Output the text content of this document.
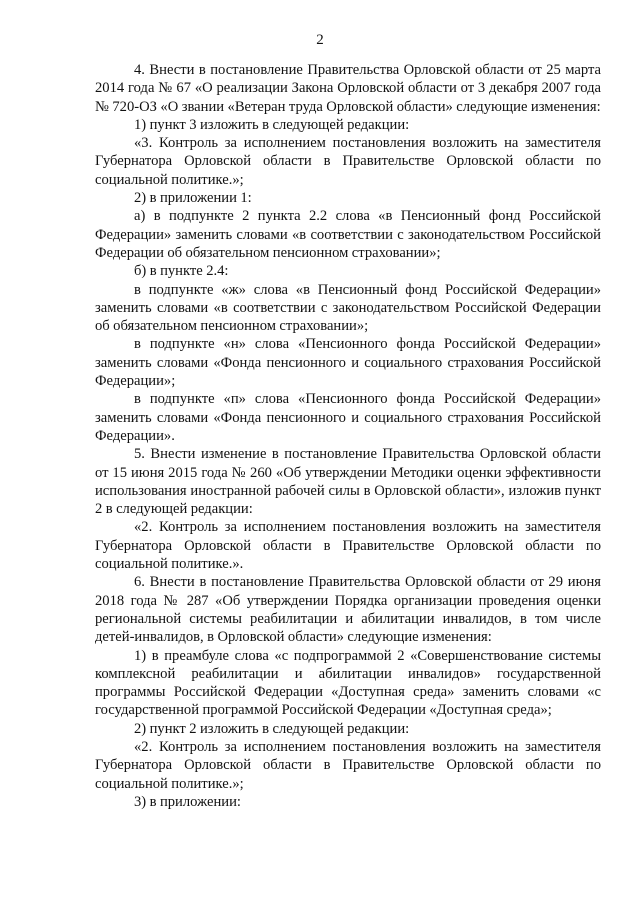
2

4. Внести в постановление Правительства Орловской области от 25 марта 2014 года № 67 «О реализации Закона Орловской области от 3 декабря 2007 года № 720-ОЗ «О звании «Ветеран труда Орловской области» следующие изменения:

1) пункт 3 изложить в следующей редакции:

«3. Контроль за исполнением постановления возложить на заместителя Губернатора Орловской области в Правительстве Орловской области по социальной политике.»;

2) в приложении 1:

а) в подпункте 2 пункта 2.2 слова «в Пенсионный фонд Российской Федерации» заменить словами «в соответствии с законодательством Российской Федерации об обязательном пенсионном страховании»;

б) в пункте 2.4:

в подпункте «ж» слова «в Пенсионный фонд Российской Федерации» заменить словами «в соответствии с законодательством Российской Федерации об обязательном пенсионном страховании»;

в подпункте «н» слова «Пенсионного фонда Российской Федерации» заменить словами «Фонда пенсионного и социального страхования Российской Федерации»;

в подпункте «п» слова «Пенсионного фонда Российской Федерации» заменить словами «Фонда пенсионного и социального страхования Российской Федерации».

5. Внести изменение в постановление Правительства Орловской области от 15 июня 2015 года № 260 «Об утверждении Методики оценки эффективности использования иностранной рабочей силы в Орловской области», изложив пункт 2 в следующей редакции:

«2. Контроль за исполнением постановления возложить на заместителя Губернатора Орловской области в Правительстве Орловской области по социальной политике.».

6. Внести в постановление Правительства Орловской области от 29 июня 2018 года № 287 «Об утверждении Порядка организации проведения оценки региональной системы реабилитации и абилитации инвалидов, в том числе детей-инвалидов, в Орловской области» следующие изменения:

1) в преамбуле слова «с подпрограммой 2 «Совершенствование системы комплексной реабилитации и абилитации инвалидов» государственной программы Российской Федерации «Доступная среда» заменить словами «с государственной программой Российской Федерации «Доступная среда»;

2) пункт 2 изложить в следующей редакции:

«2. Контроль за исполнением постановления возложить на заместителя Губернатора Орловской области в Правительстве Орловской области по социальной политике.»;

3) в приложении:
